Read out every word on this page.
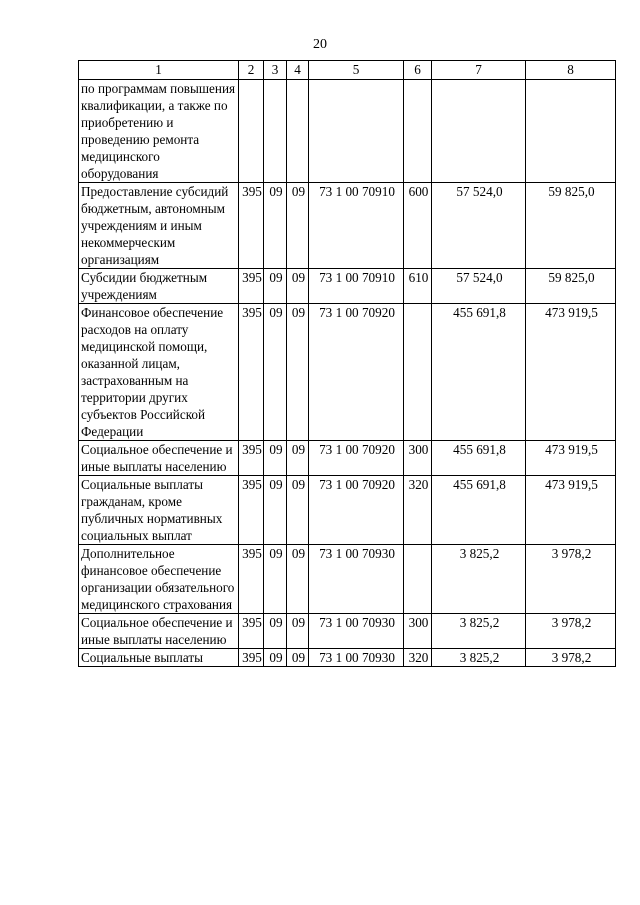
20
1	2	3	4	5	6	7	8
по программам повышения квалификации, а также по приобретению и проведению ремонта медицинского оборудования							
Предоставление субсидий бюджетным, автономным учреждениям и иным некоммерческим организациям	395	09	09	73 1 00 70910	600	57 524,0	59 825,0
Субсидии бюджетным учреждениям	395	09	09	73 1 00 70910	610	57 524,0	59 825,0
Финансовое обеспечение расходов на оплату медицинской помощи, оказанной лицам, застрахованным на территории других субъектов Российской Федерации	395	09	09	73 1 00 70920		455 691,8	473 919,5
Социальное обеспечение и иные выплаты населению	395	09	09	73 1 00 70920	300	455 691,8	473 919,5
Социальные выплаты гражданам, кроме публичных нормативных социальных выплат	395	09	09	73 1 00 70920	320	455 691,8	473 919,5
Дополнительное финансовое обеспечение организации обязательного медицинского страхования	395	09	09	73 1 00 70930		3 825,2	3 978,2
Социальное обеспечение и иные выплаты населению	395	09	09	73 1 00 70930	300	3 825,2	3 978,2
Социальные выплаты	395	09	09	73 1 00 70930	320	3 825,2	3 978,2
